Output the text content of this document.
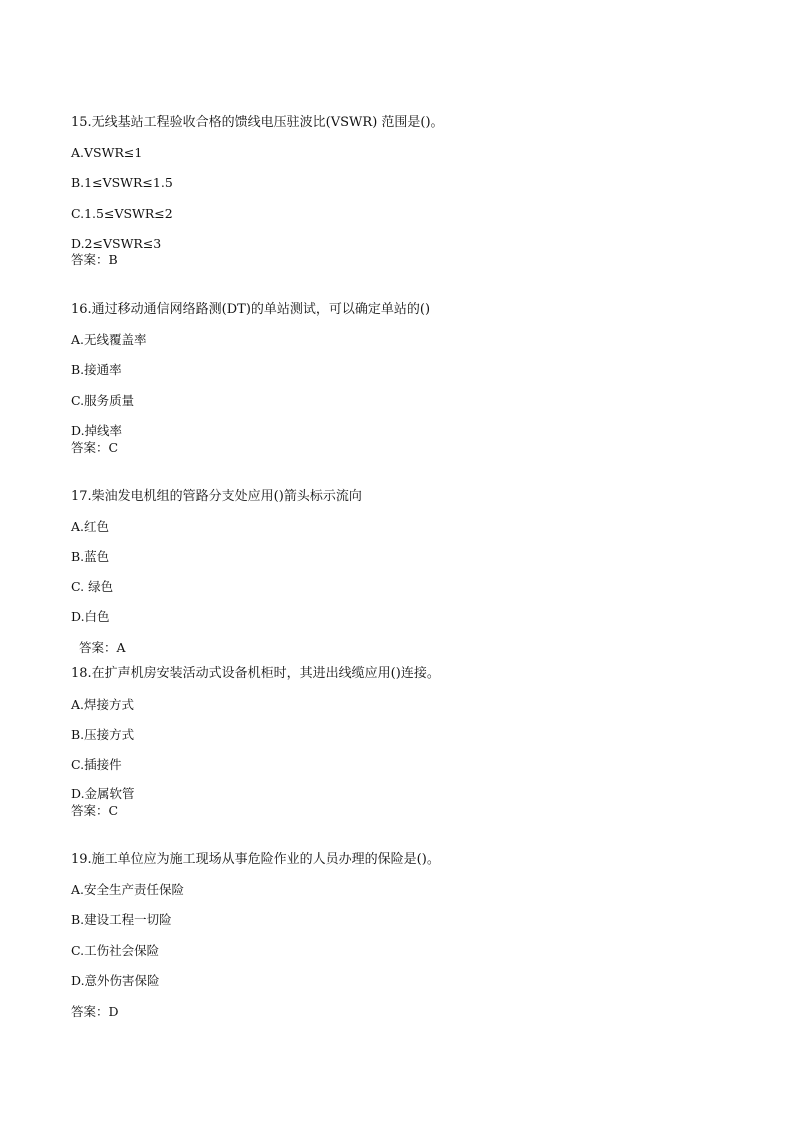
15.无线基站工程验收合格的馈线电压驻波比(VSWR) 范围是()。
A.VSWR≤1
B.1≤VSWR≤1.5
C.1.5≤VSWR≤2
D.2≤VSWR≤3
答案：B
16.通过移动通信网络路测(DT)的单站测试，可以确定单站的()
A.无线覆盖率
B.接通率
C.服务质量
D.掉线率
答案：C
17.柴油发电机组的管路分支处应用()箭头标示流向
A.红色
B.蓝色
C. 绿色
D.白色
答案：A
18.在扩声机房安装活动式设备机柜时，其进出线缆应用()连接。
A.焊接方式
B.压接方式
C.插接件
D.金属软管
答案：C
19.施工单位应为施工现场从事危险作业的人员办理的保险是()。
A.安全生产责任保险
B.建设工程一切险
C.工伤社会保险
D.意外伤害保险
答案：D
